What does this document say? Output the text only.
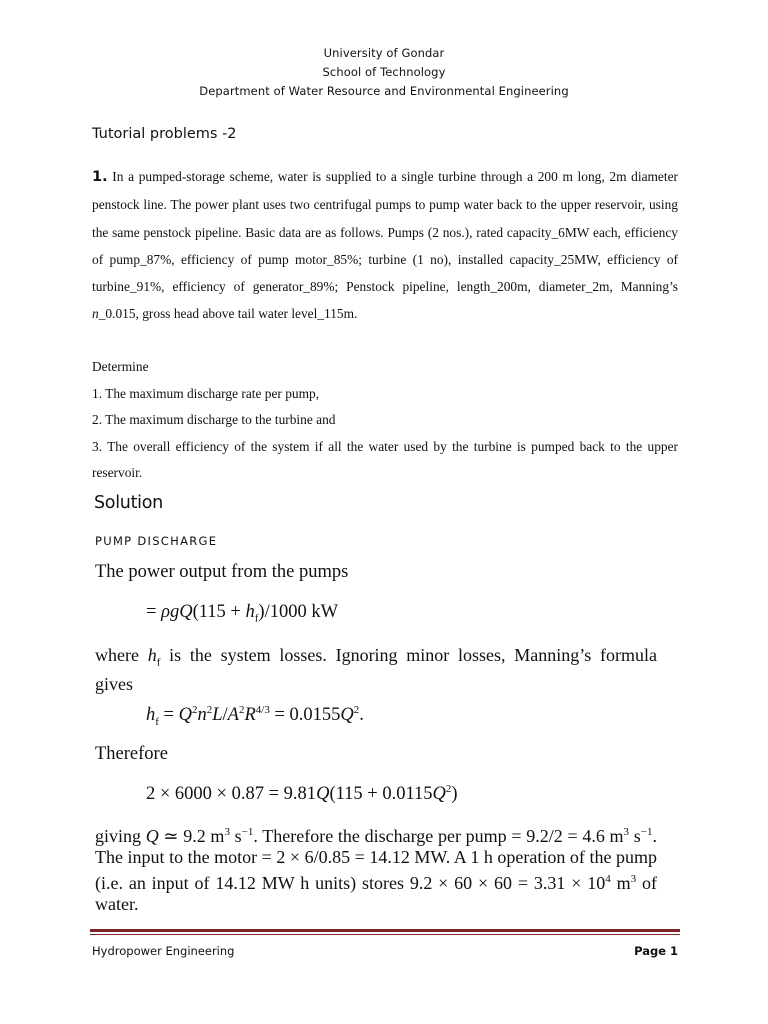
University of Gondar
School of Technology
Department of Water Resource and Environmental Engineering
Tutorial problems -2
1. In a pumped-storage scheme, water is supplied to a single turbine through a 200 m long, 2m diameter penstock line. The power plant uses two centrifugal pumps to pump water back to the upper reservoir, using the same penstock pipeline. Basic data are as follows. Pumps (2 nos.), rated capacity_6MW each, efficiency of pump_87%, efficiency of pump motor_85%; turbine (1 no), installed capacity_25MW, efficiency of turbine_91%, efficiency of generator_89%; Penstock pipeline, length_200m, diameter_2m, Manning’s n_0.015, gross head above tail water level_115m.
Determine
1. The maximum discharge rate per pump,
2. The maximum discharge to the turbine and
3. The overall efficiency of the system if all the water used by the turbine is pumped back to the upper reservoir.
Solution
PUMP DISCHARGE
The power output from the pumps
= $\rho gQ(115 + h_f)/1000$ kW
where $h_f$ is the system losses. Ignoring minor losses, Manning’s formula gives
$h_f = Q^2n^2L/A^2R^{4/3} = 0.0155Q^2$.
Therefore
$2 \times 6000 \times 0.87 = 9.81Q(115 + 0.0115Q^2)$
giving Q ≃ 9.2 $m^3$ $s^{-1}$. Therefore the discharge per pump = 9.2/2 = 4.6 $m^3$ $s^{-1}$. The input to the motor = 2 × 6/0.85 = 14.12 MW. A 1 h operation of the pump (i.e. an input of 14.12 MW h units) stores $9.2 \times 60 \times 60 = 3.31 \times 10^4$ $m^3$ of water.
Hydropower Engineering	Page 1
